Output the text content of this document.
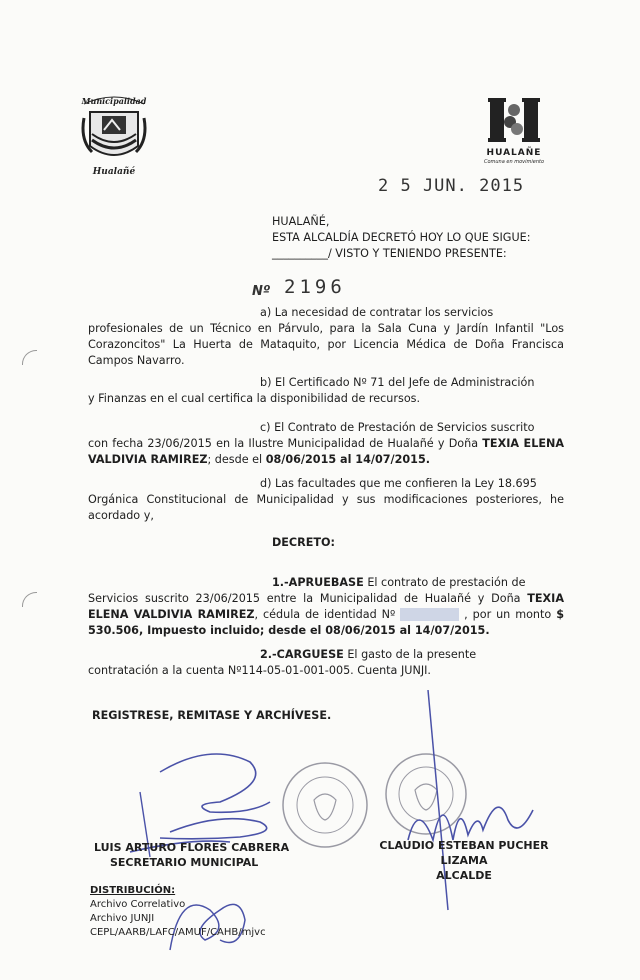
Municipalidad
Hualañé
HUALAÑE
Comuna en movimiento
2 5 JUN. 2015
HUALAÑÉ,
ESTA ALCALDÍA DECRETÓ HOY LO QUE SIGUE:
__________/ VISTO Y TENIENDO PRESENTE:
Nº 2196
a) La necesidad de contratar los servicios
profesionales de un Técnico en Párvulo, para la Sala Cuna y Jardín Infantil "Los Corazoncitos" La Huerta de Mataquito, por Licencia Médica de Doña Francisca Campos Navarro.
b) El Certificado Nº 71 del Jefe de Administración
y Finanzas en el cual certifica la disponibilidad de recursos.
c) El Contrato de Prestación de Servicios suscrito
con fecha 23/06/2015 en la Ilustre Municipalidad de Hualañé y Doña TEXIA ELENA VALDIVIA RAMIREZ; desde el 08/06/2015 al 14/07/2015.
d) Las facultades que me confieren la Ley 18.695
Orgánica Constitucional de Municipalidad y sus modificaciones posteriores, he acordado y,
DECRETO:
1.-APRUEBASE El contrato de prestación de
Servicios suscrito 23/06/2015 entre la Municipalidad de Hualañé y Doña TEXIA ELENA VALDIVIA RAMIREZ, cédula de identidad Nº	, por un monto $ 530.506, Impuesto incluido; desde el 08/06/2015 al 14/07/2015.
2.-CARGUESE El gasto de la presente
contratación a la cuenta Nº114-05-01-001-005. Cuenta JUNJI.
REGISTRESE, REMITASE Y ARCHÍVESE.
LUIS ARTURO FLORES CABRERA
SECRETARIO MUNICIPAL
CLAUDIO ESTEBAN PUCHER LIZAMA
ALCALDE
DISTRIBUCIÓN:
Archivo Correlativo
Archivo JUNJI
CEPL/AARB/LAFC/AMUF/CAHB/mjvc
